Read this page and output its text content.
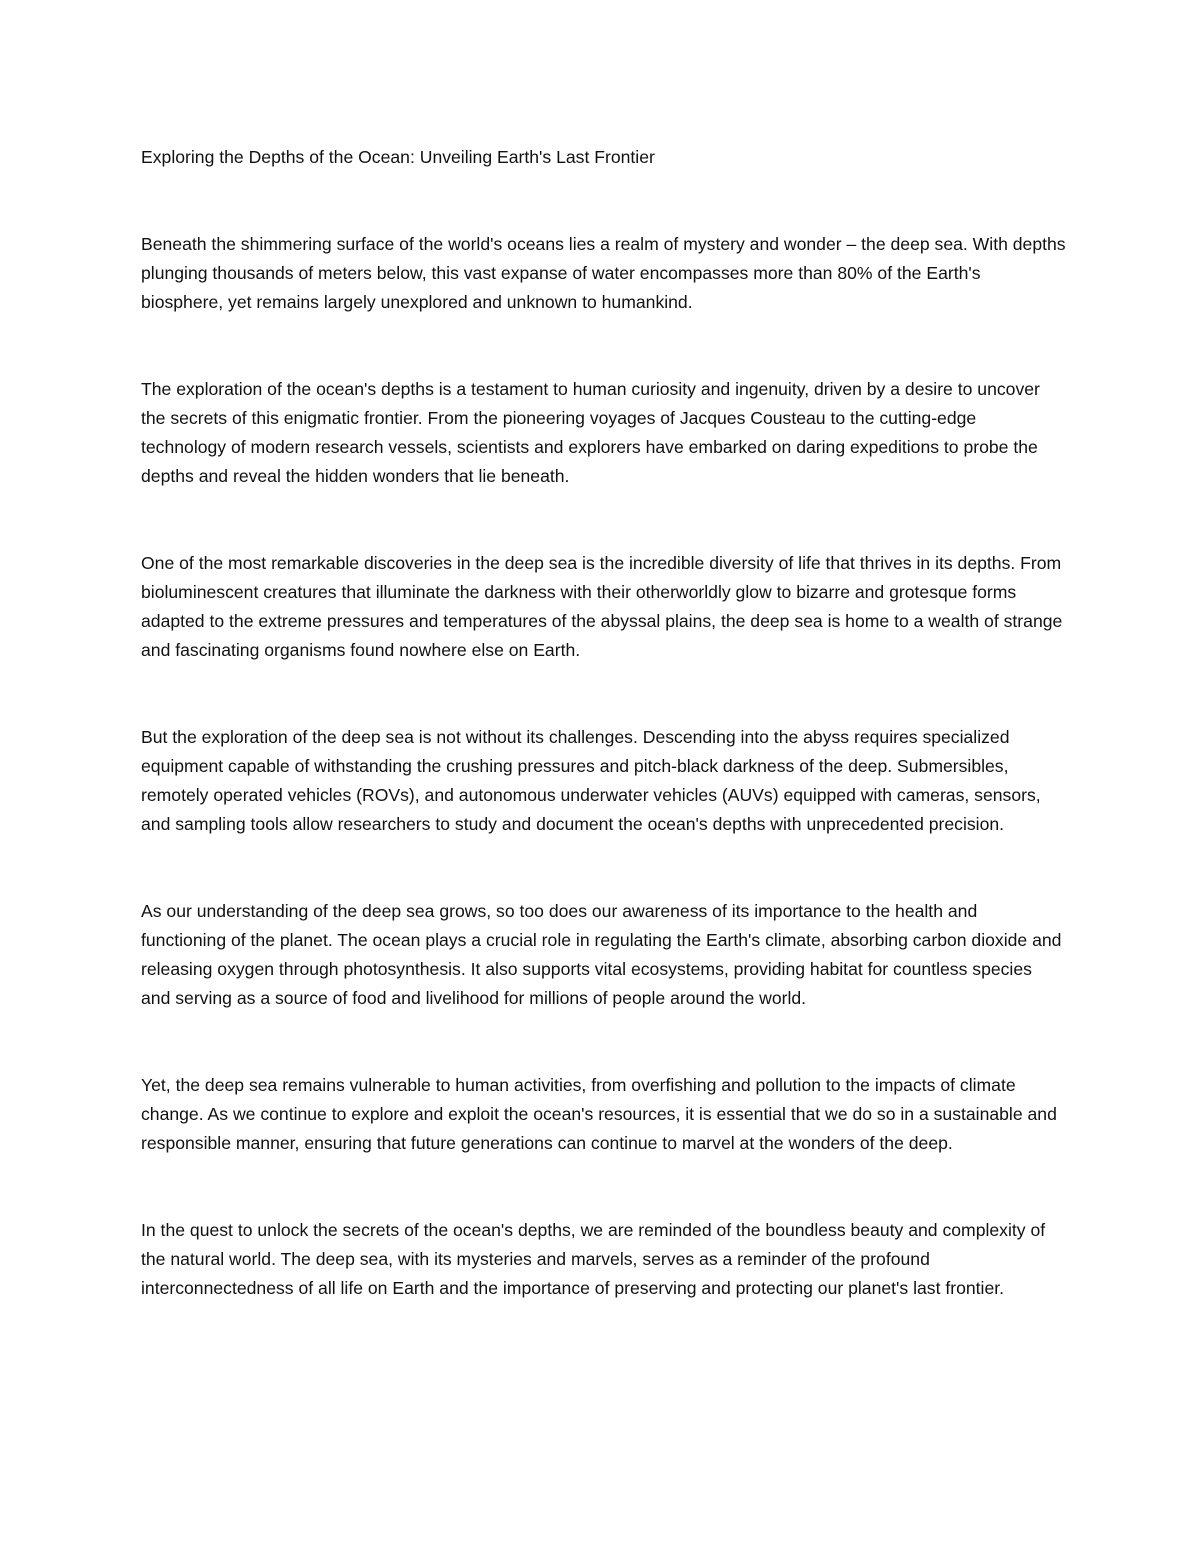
Exploring the Depths of the Ocean: Unveiling Earth's Last Frontier

Beneath the shimmering surface of the world's oceans lies a realm of mystery and wonder – the deep sea. With depths plunging thousands of meters below, this vast expanse of water encompasses more than 80% of the Earth's biosphere, yet remains largely unexplored and unknown to humankind.

The exploration of the ocean's depths is a testament to human curiosity and ingenuity, driven by a desire to uncover the secrets of this enigmatic frontier. From the pioneering voyages of Jacques Cousteau to the cutting-edge technology of modern research vessels, scientists and explorers have embarked on daring expeditions to probe the depths and reveal the hidden wonders that lie beneath.

One of the most remarkable discoveries in the deep sea is the incredible diversity of life that thrives in its depths. From bioluminescent creatures that illuminate the darkness with their otherworldly glow to bizarre and grotesque forms adapted to the extreme pressures and temperatures of the abyssal plains, the deep sea is home to a wealth of strange and fascinating organisms found nowhere else on Earth.

But the exploration of the deep sea is not without its challenges. Descending into the abyss requires specialized equipment capable of withstanding the crushing pressures and pitch-black darkness of the deep. Submersibles, remotely operated vehicles (ROVs), and autonomous underwater vehicles (AUVs) equipped with cameras, sensors, and sampling tools allow researchers to study and document the ocean's depths with unprecedented precision.

As our understanding of the deep sea grows, so too does our awareness of its importance to the health and functioning of the planet. The ocean plays a crucial role in regulating the Earth's climate, absorbing carbon dioxide and releasing oxygen through photosynthesis. It also supports vital ecosystems, providing habitat for countless species and serving as a source of food and livelihood for millions of people around the world.

Yet, the deep sea remains vulnerable to human activities, from overfishing and pollution to the impacts of climate change. As we continue to explore and exploit the ocean's resources, it is essential that we do so in a sustainable and responsible manner, ensuring that future generations can continue to marvel at the wonders of the deep.

In the quest to unlock the secrets of the ocean's depths, we are reminded of the boundless beauty and complexity of the natural world. The deep sea, with its mysteries and marvels, serves as a reminder of the profound interconnectedness of all life on Earth and the importance of preserving and protecting our planet's last frontier.
